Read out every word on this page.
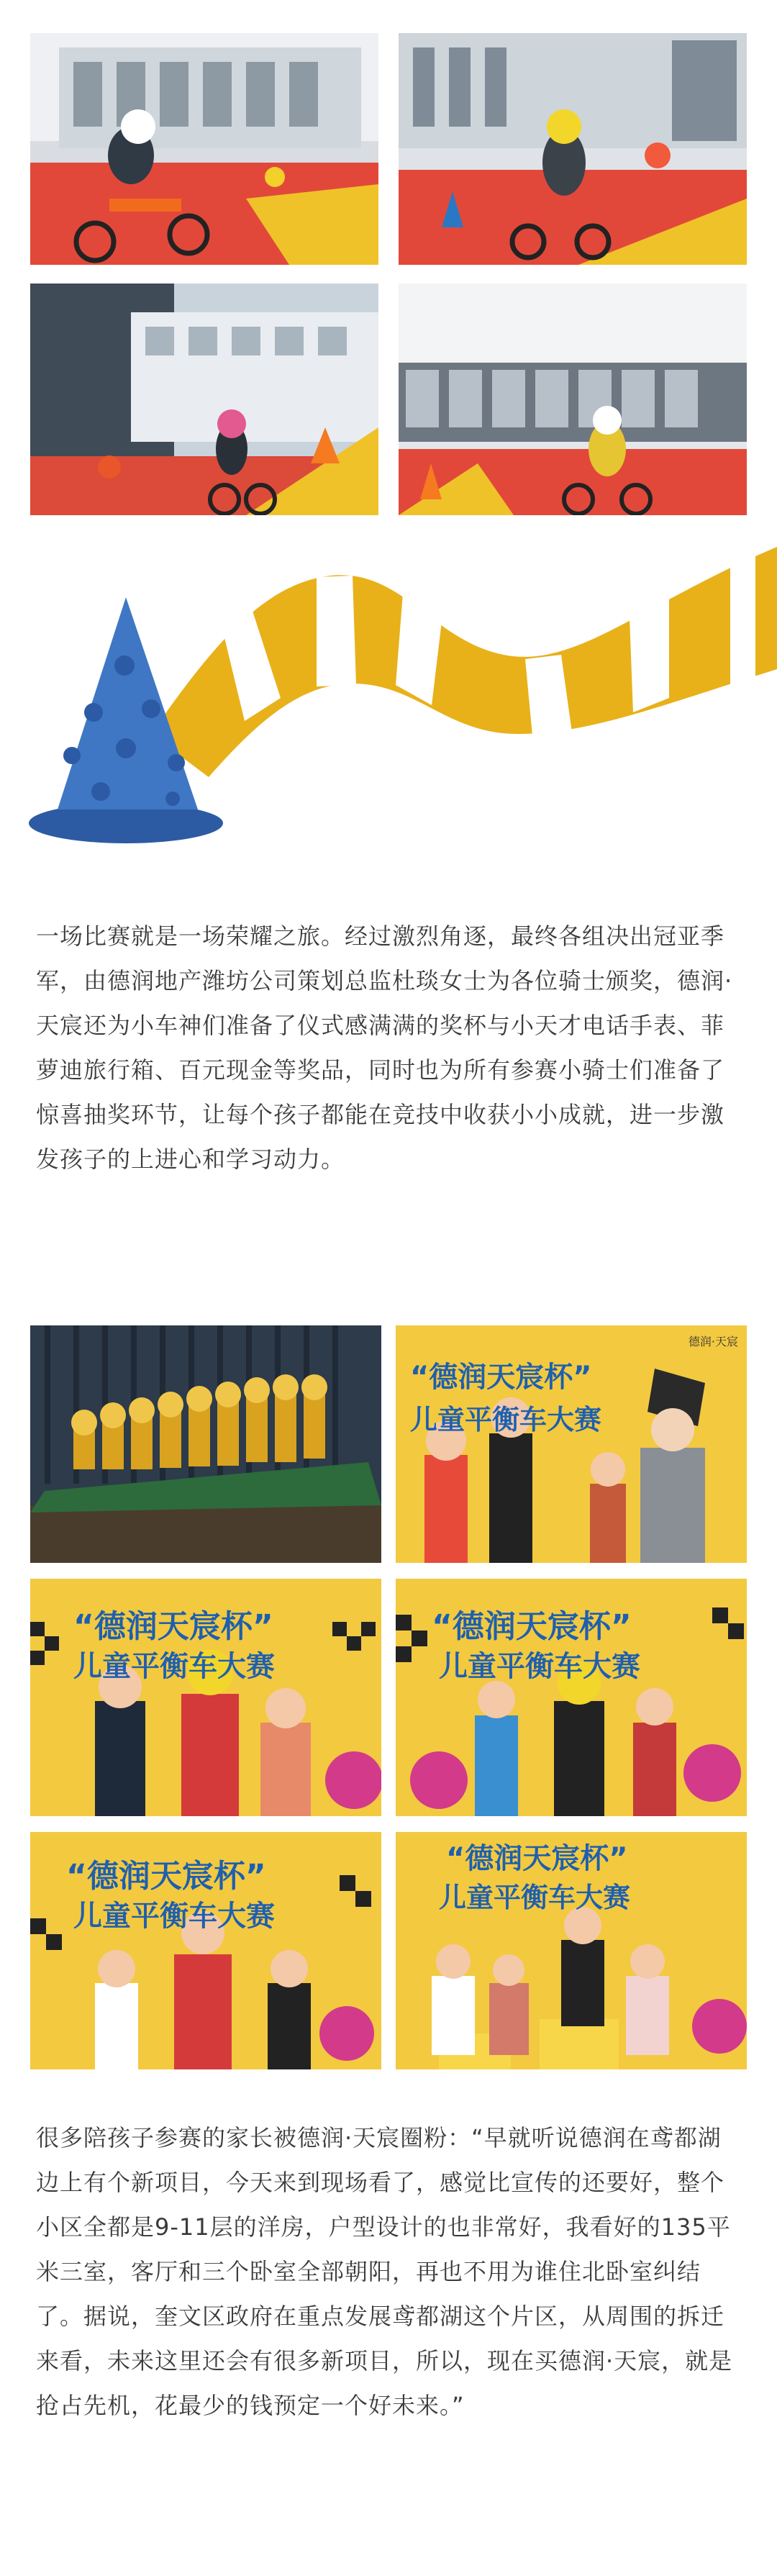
一场比赛就是一场荣耀之旅。经过激烈角逐，最终各组决出冠亚季军，由德润地产潍坊公司策划总监杜琰女士为各位骑士颁奖，德润·天宸还为小车神们准备了仪式感满满的奖杯与小天才电话手表、菲萝迪旅行箱、百元现金等奖品，同时也为所有参赛小骑士们准备了惊喜抽奖环节，让每个孩子都能在竞技中收获小小成就，进一步激发孩子的上进心和学习动力。

“德润天宸杯”
儿童平衡车大赛
德润·天宸
“德润天宸杯”
儿童平衡车大赛
“德润天宸杯”
儿童平衡车大赛
“德润天宸杯”
儿童平衡车大赛
“德润天宸杯”
儿童平衡车大赛

很多陪孩子参赛的家长被德润·天宸圈粉：“早就听说德润在鸢都湖边上有个新项目，今天来到现场看了，感觉比宣传的还要好，整个小区全都是9-11层的洋房，户型设计的也非常好，我看好的135平米三室，客厅和三个卧室全部朝阳，再也不用为谁住北卧室纠结了。据说，奎文区政府在重点发展鸢都湖这个片区，从周围的拆迁来看，未来这里还会有很多新项目，所以，现在买德润·天宸，就是抢占先机，花最少的钱预定一个好未来。”
